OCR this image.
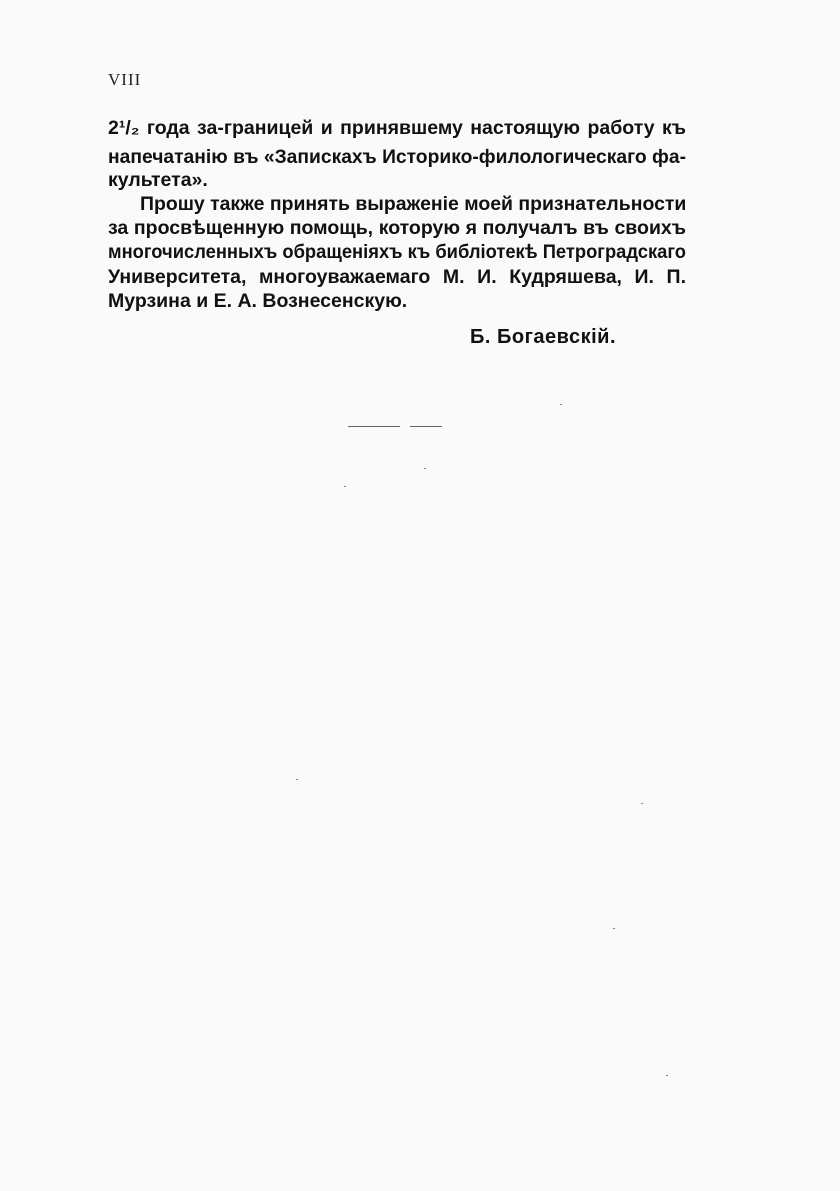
VIII
2¹/₂ года за-границей и принявшему настоящую работу къ
напечатанію въ «Запискахъ Историко-филологическаго фа-
культета».
Прошу также принять выраженіе моей признательности
за просвѣщенную помощь, которую я получалъ въ своихъ
многочисленныхъ обращеніяхъ къ библіотекѣ Петроградскаго
Университета, многоуважаемаго М. И. Кудряшева, И. П.
Мурзина и Е. А. Вознесенскую.
Б. Богаевскій.
